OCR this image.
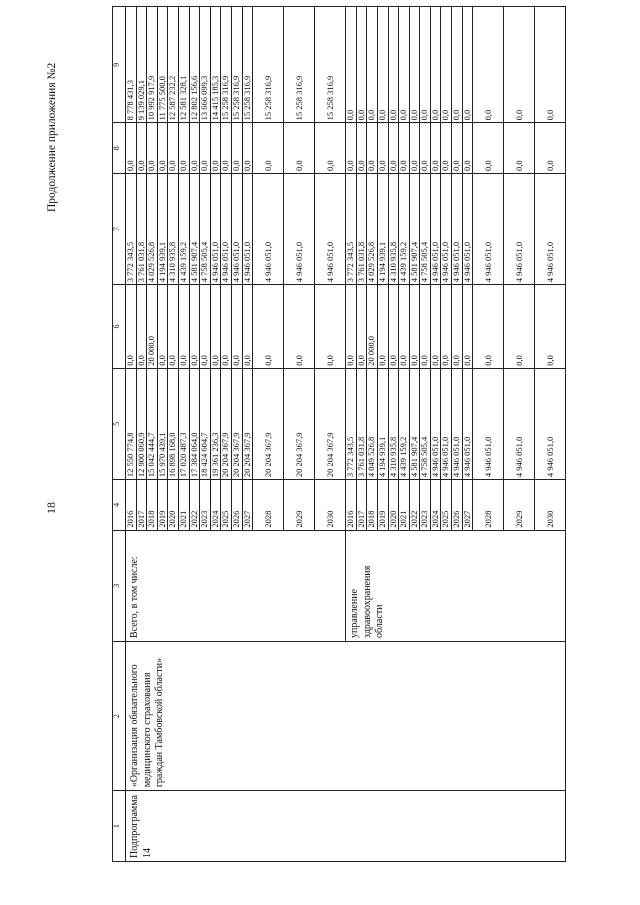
18
Продолжение приложения №2
1	2	3	4	5	6	7	8	9
Подпрограмма 14	«Организация обязательного медицинского страхования граждан Тамбовской области»	Всего, в том числе:	2016	12 550 774,8	0,0	3 772 343,5	0,0	8 778 431,3
			2017	12 900 060,9	0,0	3 761 031,8	0,0	9 139 029,1
			2018	15 042 444,7	20 000,0	4 029 526,8	0,0	10 992 917,9
			2019	15 970 439,1	0,0	4 194 939,1	0,0	11 775 500,0
			2020	16 898 168,0	0,0	4 310 935,8	0,0	12 587 232,2
			2021	17 020 487,3	0,0	4 439 159,2	0,0	12 581 328,1
			2022	17 384 064,0	0,0	4 581 907,4	0,0	12 802 156,6
			2023	18 424 604,7	0,0	4 758 505,4	0,0	13 666 099,3
			2024	19 361 236,3	0,0	4 946 051,0	0,0	14 415 185,3
			2025	20 204 367,9	0,0	4 946 051,0	0,0	15 258 316,9
			2026	20 204 367,9	0,0	4 946 051,0	0,0	15 258 316,9
			2027	20 204 367,9	0,0	4 946 051,0	0,0	15 258 316,9
			2028	20 204 367,9	0,0	4 946 051,0	0,0	15 258 316,9
			2029	20 204 367,9	0,0	4 946 051,0	0,0	15 258 316,9
			2030	20 204 367,9	0,0	4 946 051,0	0,0	15 258 316,9
		управление здравоохранения области	2016	3 772 343,5	0,0	3 772 343,5	0,0	0,0
			2017	3 761 031,8	0,0	3 761 031,8	0,0	0,0
			2018	4 049 526,8	20 000,0	4 029 526,8	0,0	0,0
			2019	4 194 939,1	0,0	4 194 939,1	0,0	0,0
			2020	4 310 935,8	0,0	4 310 935,8	0,0	0,0
			2021	4 439 159,2	0,0	4 439 159,2	0,0	0,0
			2022	4 581 907,4	0,0	4 581 907,4	0,0	0,0
			2023	4 758 505,4	0,0	4 758 505,4	0,0	0,0
			2024	4 946 051,0	0,0	4 946 051,0	0,0	0,0
			2025	4 946 051,0	0,0	4 946 051,0	0,0	0,0
			2026	4 946 051,0	0,0	4 946 051,0	0,0	0,0
			2027	4 946 051,0	0,0	4 946 051,0	0,0	0,0
			2028	4 946 051,0	0,0	4 946 051,0	0,0	0,0
			2029	4 946 051,0	0,0	4 946 051,0	0,0	0,0
			2030	4 946 051,0	0,0	4 946 051,0	0,0	0,0
